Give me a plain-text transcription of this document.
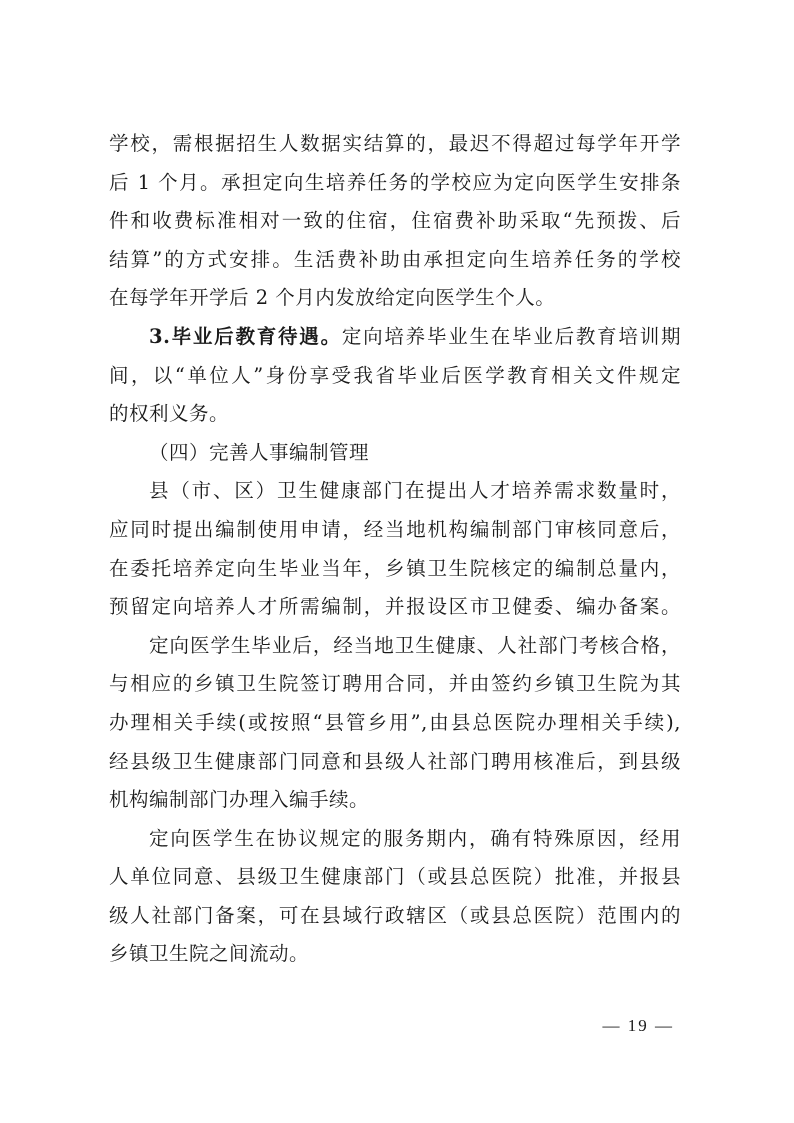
学校，需根据招生人数据实结算的，最迟不得超过每学年开学
后 1 个月。承担定向生培养任务的学校应为定向医学生安排条
件和收费标准相对一致的住宿，住宿费补助采取“先预拨、后
结算”的方式安排。生活费补助由承担定向生培养任务的学校
在每学年开学后 2 个月内发放给定向医学生个人。
3.毕业后教育待遇。定向培养毕业生在毕业后教育培训期
间，以“单位人”身份享受我省毕业后医学教育相关文件规定
的权利义务。
（四）完善人事编制管理
县（市、区）卫生健康部门在提出人才培养需求数量时，
应同时提出编制使用申请，经当地机构编制部门审核同意后，
在委托培养定向生毕业当年，乡镇卫生院核定的编制总量内，
预留定向培养人才所需编制，并报设区市卫健委、编办备案。
定向医学生毕业后，经当地卫生健康、人社部门考核合格，
与相应的乡镇卫生院签订聘用合同，并由签约乡镇卫生院为其
办理相关手续(或按照“县管乡用”,由县总医院办理相关手续),
经县级卫生健康部门同意和县级人社部门聘用核准后，到县级
机构编制部门办理入编手续。
定向医学生在协议规定的服务期内，确有特殊原因，经用
人单位同意、县级卫生健康部门（或县总医院）批准，并报县
级人社部门备案，可在县域行政辖区（或县总医院）范围内的
乡镇卫生院之间流动。
— 19 —
